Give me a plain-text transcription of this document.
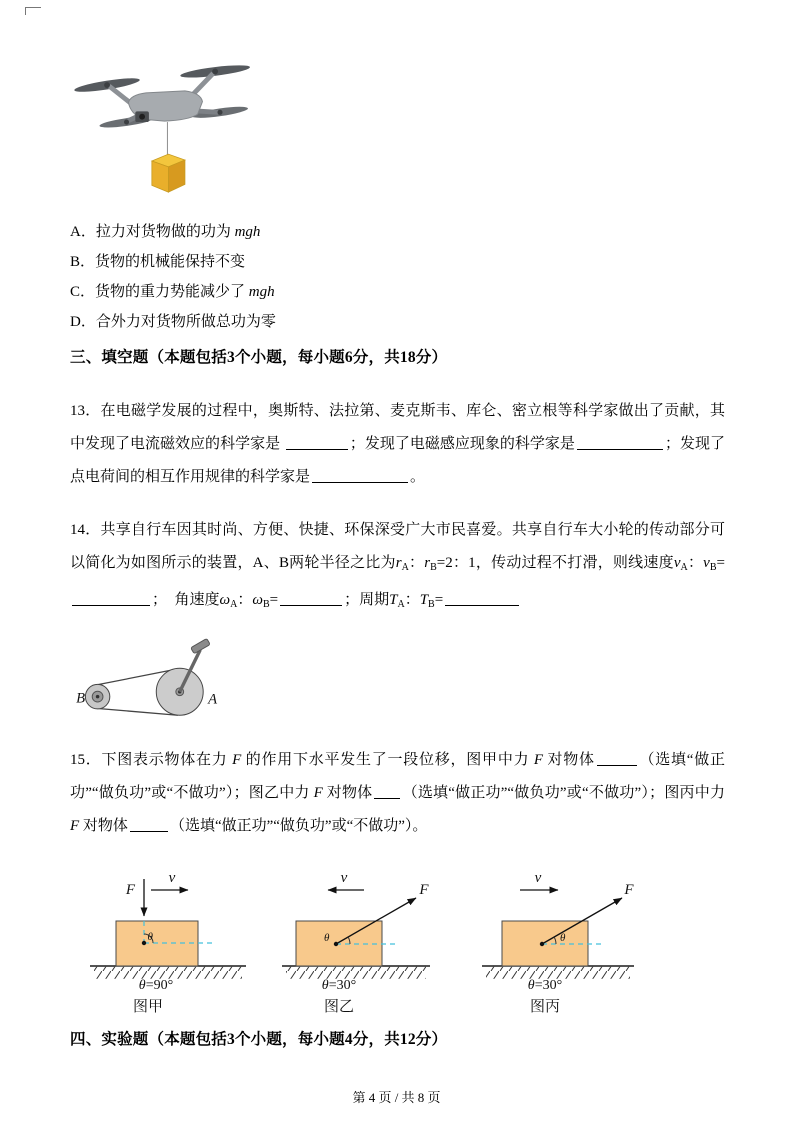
A．拉力对货物做的功为 mgh
B．货物的机械能保持不变
C．货物的重力势能减少了 mgh
D．合外力对货物所做总功为零
三、填空题（本题包括3个小题，每小题6分，共18分）

13．在电磁学发展的过程中，奥斯特、法拉第、麦克斯韦、库仑、密立根等科学家做出了贡献，其中发现了电流磁效应的科学家是	；发现了电磁感应现象的科学家是	；发现了点电荷间的相互作用规律的科学家是	。

14．共享自行车因其时尚、方便、快捷、环保深受广大市民喜爱。共享自行车大小轮的传动部分可以简化为如图所示的装置，A、B两轮半径之比为$r_A$：$r_B=2$：1，传动过程不打滑，则线速度$v_A$：$v_B=$；　角速度$\omega_A$：$\omega_B=$	；周期$T_A$：$T_B=$

B	A

15．下图表示物体在力 F 的作用下水平发生了一段位移，图甲中力 F 对物体	（选填“做正功”“做负功”或“不做功”）；图乙中力 F 对物体 （选填“做正功”“做负功”或“不做功”）；图丙中力 F 对物体	（选填“做正功”“做负功”或“不做功”）。

F
v
θ
θ=90°
图甲
v
F
θ
θ=30°
图乙
v
F
θ
θ=30°
图丙
四、实验题（本题包括3个小题，每小题4分，共12分）
第 4 页 / 共 8 页
